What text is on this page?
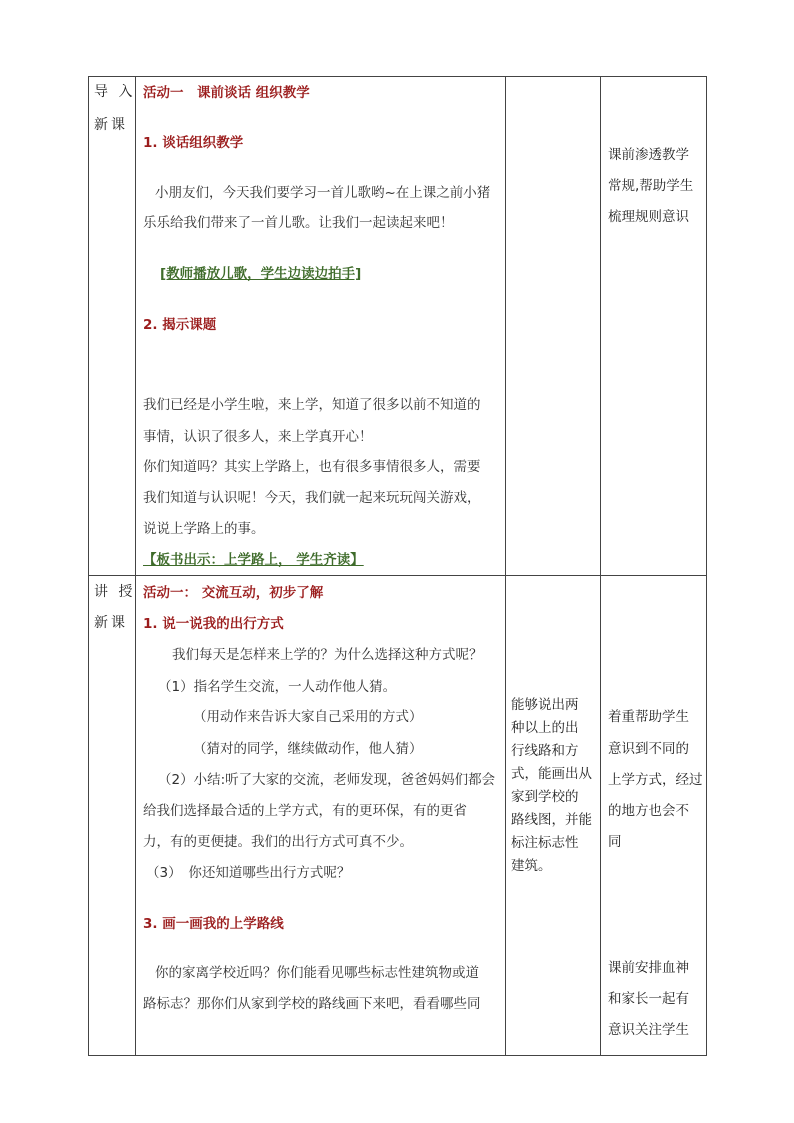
导 入
新课
活动一　课前谈话 组织教学
1. 谈话组织教学
小朋友们，今天我们要学习一首儿歌哟~在上课之前小猪
乐乐给我们带来了一首儿歌。让我们一起读起来吧！
[教师播放儿歌，学生边读边拍手]
2. 揭示课题
我们已经是小学生啦，来上学，知道了很多以前不知道的
事情，认识了很多人，来上学真开心！
你们知道吗？其实上学路上，也有很多事情很多人，需要
我们知道与认识呢！今天，我们就一起来玩玩闯关游戏，
说说上学路上的事。
【板书出示：上学路上， 学生齐读】
课前渗透教学
常规,帮助学生
梳理规则意识
讲 授
新课
活动一： 交流互动，初步了解
1. 说一说我的出行方式
我们每天是怎样来上学的？为什么选择这种方式呢？
（1）指名学生交流，一人动作他人猜。
（用动作来告诉大家自己采用的方式）
（猜对的同学，继续做动作，他人猜）
（2）小结:听了大家的交流，老师发现，爸爸妈妈们都会
给我们选择最合适的上学方式，有的更环保，有的更省
力，有的更便捷。我们的出行方式可真不少。
（3）　你还知道哪些出行方式呢？
3. 画一画我的上学路线
你的家离学校近吗？你们能看见哪些标志性建筑物或道
路标志？那你们从家到学校的路线画下来吧，看看哪些同
能够说出两
种以上的出
行线路和方
式，能画出从
家到学校的
路线图，并能
标注标志性
建筑。
着重帮助学生
意识到不同的
上学方式，经过
的地方也会不
同
课前安排血神
和家长一起有
意识关注学生
